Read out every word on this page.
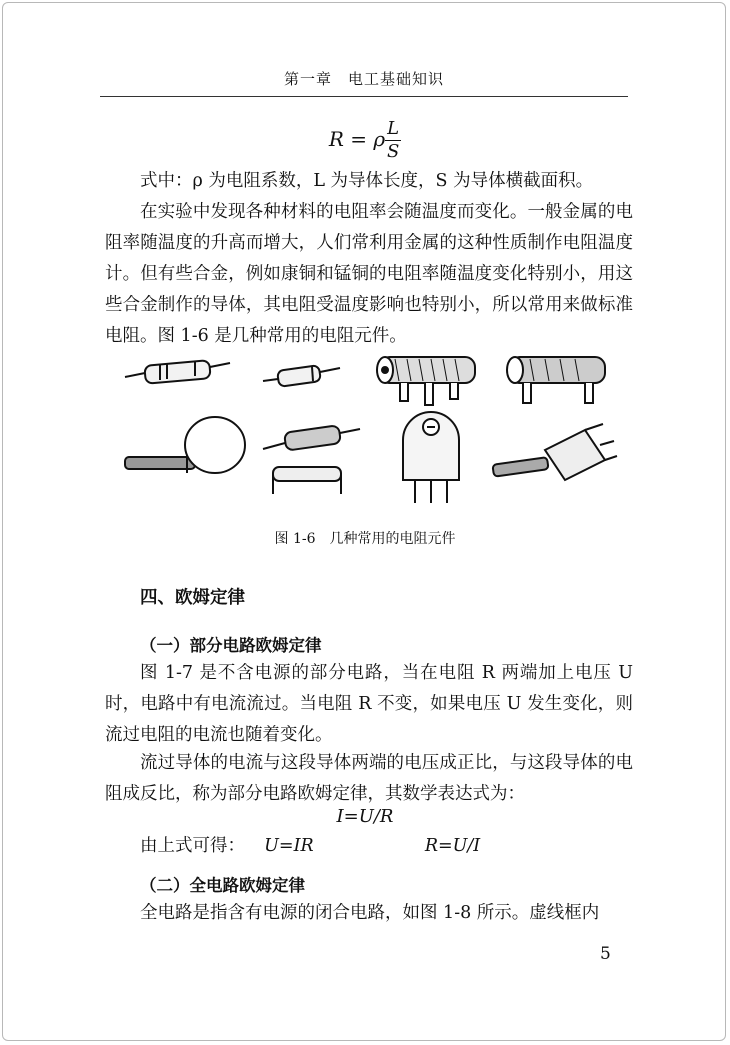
第一章　电工基础知识
R = ρ $\frac{L}{S}$
式中：ρ 为电阻系数，L 为导体长度，S 为导体横截面积。
在实验中发现各种材料的电阻率会随温度而变化。一般金属的电阻率随温度的升高而增大，人们常利用金属的这种性质制作电阻温度计。但有些合金，例如康铜和锰铜的电阻率随温度变化特别小，用这些合金制作的导体，其电阻受温度影响也特别小，所以常用来做标准电阻。图 1-6 是几种常用的电阻元件。
图 1-6　几种常用的电阻元件
四、欧姆定律
（一）部分电路欧姆定律
图 1-7 是不含电源的部分电路，当在电阻 R 两端加上电压 U 时，电路中有电流流过。当电阻 R 不变，如果电压 U 发生变化，则流过电阻的电流也随着变化。
流过导体的电流与这段导体两端的电压成正比，与这段导体的电阻成反比，称为部分电路欧姆定律，其数学表达式为：
I=U/R
由上式可得： U=IR	R=U/I
（二）全电路欧姆定律
全电路是指含有电源的闭合电路，如图 1-8 所示。虚线框内
5
